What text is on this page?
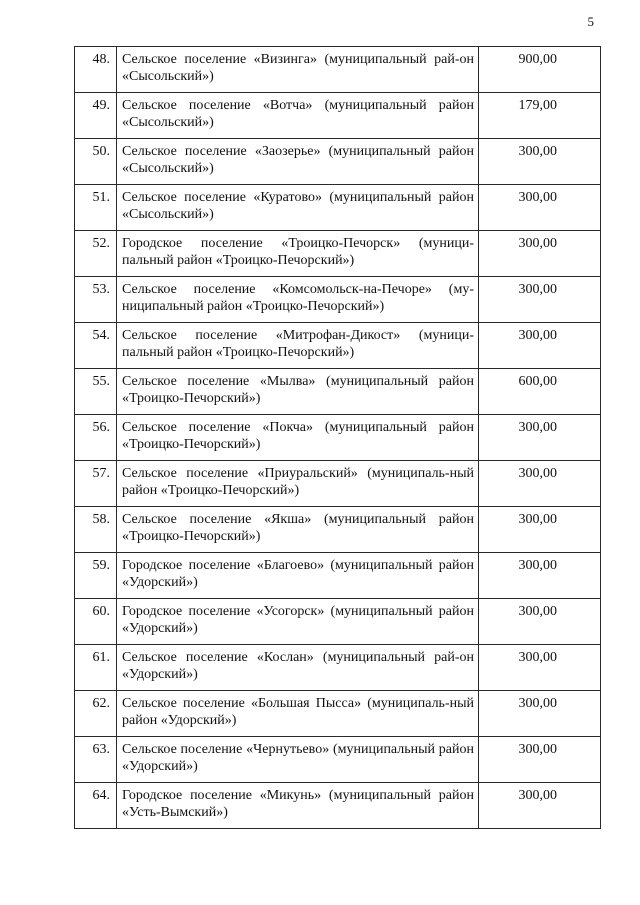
5
48.	Сельское поселение «Визинга» (муниципальный рай-он «Сысольский»)	900,00
49.	Сельское поселение «Вотча» (муниципальный район «Сысольский»)	179,00
50.	Сельское поселение «Заозерье» (муниципальный район «Сысольский»)	300,00
51.	Сельское поселение «Куратово» (муниципальный район «Сысольский»)	300,00
52.	Городское поселение «Троицко-Печорск» (муници-пальный район «Троицко-Печорский»)	300,00
53.	Сельское поселение «Комсомольск-на-Печоре» (му-ниципальный район «Троицко-Печорский»)	300,00
54.	Сельское поселение «Митрофан-Дикост» (муници-пальный район «Троицко-Печорский»)	300,00
55.	Сельское поселение «Мылва» (муниципальный район «Троицко-Печорский»)	600,00
56.	Сельское поселение «Покча» (муниципальный район «Троицко-Печорский»)	300,00
57.	Сельское поселение «Приуральский» (муниципаль-ный район «Троицко-Печорский»)	300,00
58.	Сельское поселение «Якша» (муниципальный район «Троицко-Печорский»)	300,00
59.	Городское поселение «Благоево» (муниципальный район «Удорский»)	300,00
60.	Городское поселение «Усогорск» (муниципальный район «Удорский»)	300,00
61.	Сельское поселение «Кослан» (муниципальный рай-он «Удорский»)	300,00
62.	Сельское поселение «Большая Пысса» (муниципаль-ный район «Удорский»)	300,00
63.	Сельское поселение «Чернутьево» (муниципальный район «Удорский»)	300,00
64.	Городское поселение «Микунь» (муниципальный район «Усть-Вымский»)	300,00
